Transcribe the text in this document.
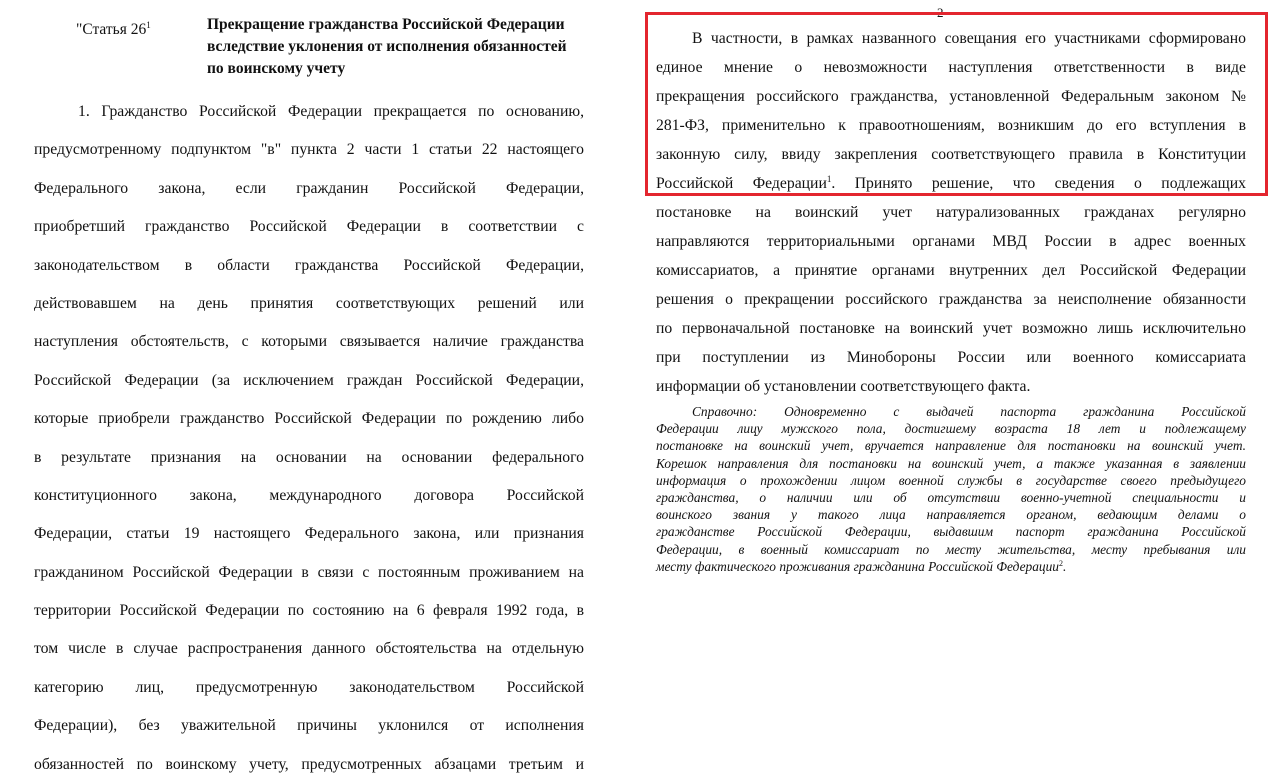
"Статья $26^1$	Прекращение гражданства Российской Федерации вследствие уклонения от исполнения обязанностей по воинскому учету
1. Гражданство Российской Федерации прекращается по основанию,
предусмотренному подпунктом "в" пункта 2 части 1 статьи 22 настоящего
Федерального закона, если гражданин Российской Федерации,
приобретший гражданство Российской Федерации в соответствии с
законодательством в области гражданства Российской Федерации,
действовавшем на день принятия соответствующих решений или
наступления обстоятельств, с которыми связывается наличие гражданства
Российской Федерации (за исключением граждан Российской Федерации,
которые приобрели гражданство Российской Федерации по рождению либо
в результате признания на основании на основании федерального
конституционного закона, международного договора Российской
Федерации, статьи 19 настоящего Федерального закона, или признания
гражданином Российской Федерации в связи с постоянным проживанием на
территории Российской Федерации по состоянию на 6 февраля 1992 года, в
том числе в случае распространения данного обстоятельства на отдельную
категорию лиц, предусмотренную законодательством Российской
Федерации), без уважительной причины уклонился от исполнения
обязанностей по воинскому учету, предусмотренных абзацами третьим и
2
В частности, в рамках названного совещания его участниками сформировано
единое мнение о невозможности наступления ответственности в виде
прекращения российского гражданства, установленной Федеральным законом №
281-ФЗ, применительно к правоотношениям, возникшим до его вступления в
законную силу, ввиду закрепления соответствующего правила в Конституции
Российской Федерации$^1$. Принято решение, что сведения о подлежащих
постановке на воинский учет натурализованных гражданах регулярно
направляются территориальными органами МВД России в адрес военных
комиссариатов, а принятие органами внутренних дел Российской Федерации
решения о прекращении российского гражданства за неисполнение обязанности
по первоначальной постановке на воинский учет возможно лишь исключительно
при поступлении из Минобороны России или военного комиссариата
информации об установлении соответствующего факта.
Справочно: Одновременно с выдачей паспорта гражданина Российской
Федерации лицу мужского пола, достигшему возраста 18 лет и подлежащему
постановке на воинский учет, вручается направление для постановки на воинский учет.
Корешок направления для постановки на воинский учет, а также указанная в заявлении
информация о прохождении лицом военной службы в государстве своего предыдущего
гражданства, о наличии или об отсутствии военно-учетной специальности и
воинского звания у такого лица направляется органом, ведающим делами о
гражданстве Российской Федерации, выдавшим паспорт гражданина Российской
Федерации, в военный комиссариат по месту жительства, месту пребывания или
месту фактического проживания гражданина Российской Федерации$^2$.
